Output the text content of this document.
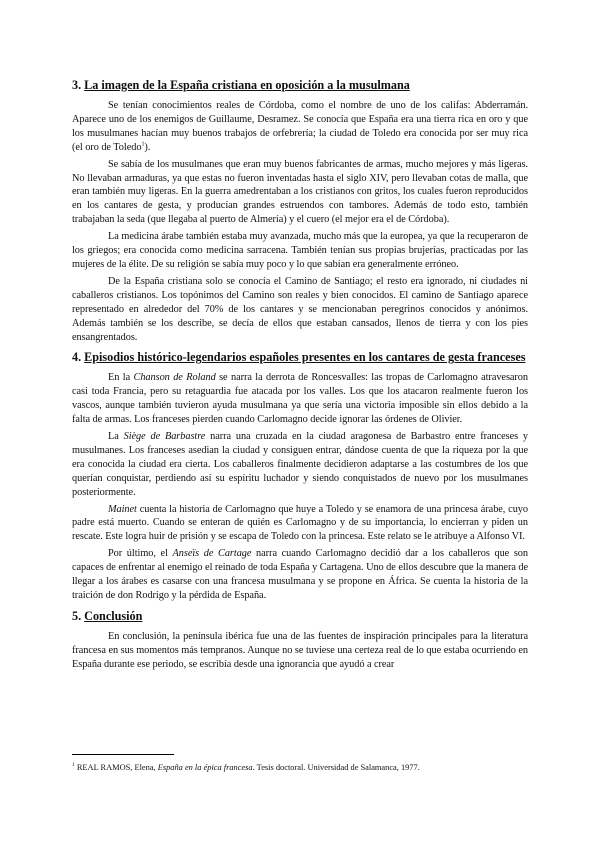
3. La imagen de la España cristiana en oposición a la musulmana

Se tenían conocimientos reales de Córdoba, como el nombre de uno de los califas: Abderramán. Aparece uno de los enemigos de Guillaume, Desramez. Se conocía que España era una tierra rica en oro y que los musulmanes hacían muy buenos trabajos de orfebrería; la ciudad de Toledo era conocida por ser muy rica (el oro de Toledo$^1$).

Se sabía de los musulmanes que eran muy buenos fabricantes de armas, mucho mejores y más ligeras. No llevaban armaduras, ya que estas no fueron inventadas hasta el siglo XIV, pero llevaban cotas de malla, que eran también muy ligeras. En la guerra amedrentaban a los cristianos con gritos, los cuales fueron reproducidos en los cantares de gesta, y producían grandes estruendos con tambores. Además de todo esto, también trabajaban la seda (que llegaba al puerto de Almería) y el cuero (el mejor era el de Córdoba).

La medicina árabe también estaba muy avanzada, mucho más que la europea, ya que la recuperaron de los griegos; era conocida como medicina sarracena. También tenían sus propias brujerías, practicadas por las mujeres de la élite. De su religión se sabía muy poco y lo que sabían era generalmente erróneo.

De la España cristiana solo se conocía el Camino de Santiago; el resto era ignorado, ni ciudades ni caballeros cristianos. Los topónimos del Camino son reales y bien conocidos. El camino de Santiago aparece representado en alrededor del 70% de los cantares y se mencionaban peregrinos conocidos y anónimos. Además también se los describe, se decía de ellos que estaban cansados, llenos de tierra y con los pies ensangrentados.

4. Episodios histórico-legendarios españoles presentes en los cantares de gesta franceses

En la Chanson de Roland se narra la derrota de Roncesvalles: las tropas de Carlomagno atravesaron casi toda Francia, pero su retaguardia fue atacada por los valles. Los que los atacaron realmente fueron los vascos, aunque también tuvieron ayuda musulmana ya que sería una victoria imposible sin ellos debido a la falta de armas. Los franceses pierden cuando Carlomagno decide ignorar las órdenes de Olivier.

La Siège de Barbastre narra una cruzada en la ciudad aragonesa de Barbastro entre franceses y musulmanes. Los franceses asedian la ciudad y consiguen entrar, dándose cuenta de que la riqueza por la que era conocida la ciudad era cierta. Los caballeros finalmente decidieron adaptarse a las costumbres de los que querían conquistar, perdiendo así su espíritu luchador y siendo conquistados de nuevo por los musulmanes posteriormente.

Mainet cuenta la historia de Carlomagno que huye a Toledo y se enamora de una princesa árabe, cuyo padre está muerto. Cuando se enteran de quién es Carlomagno y de su importancia, lo encierran y piden un rescate. Este logra huir de prisión y se escapa de Toledo con la princesa. Este relato se le atribuye a Alfonso VI.

Por último, el Anseïs de Cartage narra cuando Carlomagno decidió dar a los caballeros que son capaces de enfrentar al enemigo el reinado de toda España y Cartagena. Uno de ellos descubre que la manera de llegar a los árabes es casarse con una francesa musulmana y se propone en África. Se cuenta la historia de la traición de don Rodrigo y la pérdida de España.

5. Conclusión

En conclusión, la península ibérica fue una de las fuentes de inspiración principales para la literatura francesa en sus momentos más tempranos. Aunque no se tuviese una certeza real de lo que estaba ocurriendo en España durante ese periodo, se escribía desde una ignorancia que ayudó a crear

$^1$ REAL RAMOS, Elena, España en la épica francesa. Tesis doctoral. Universidad de Salamanca, 1977.
